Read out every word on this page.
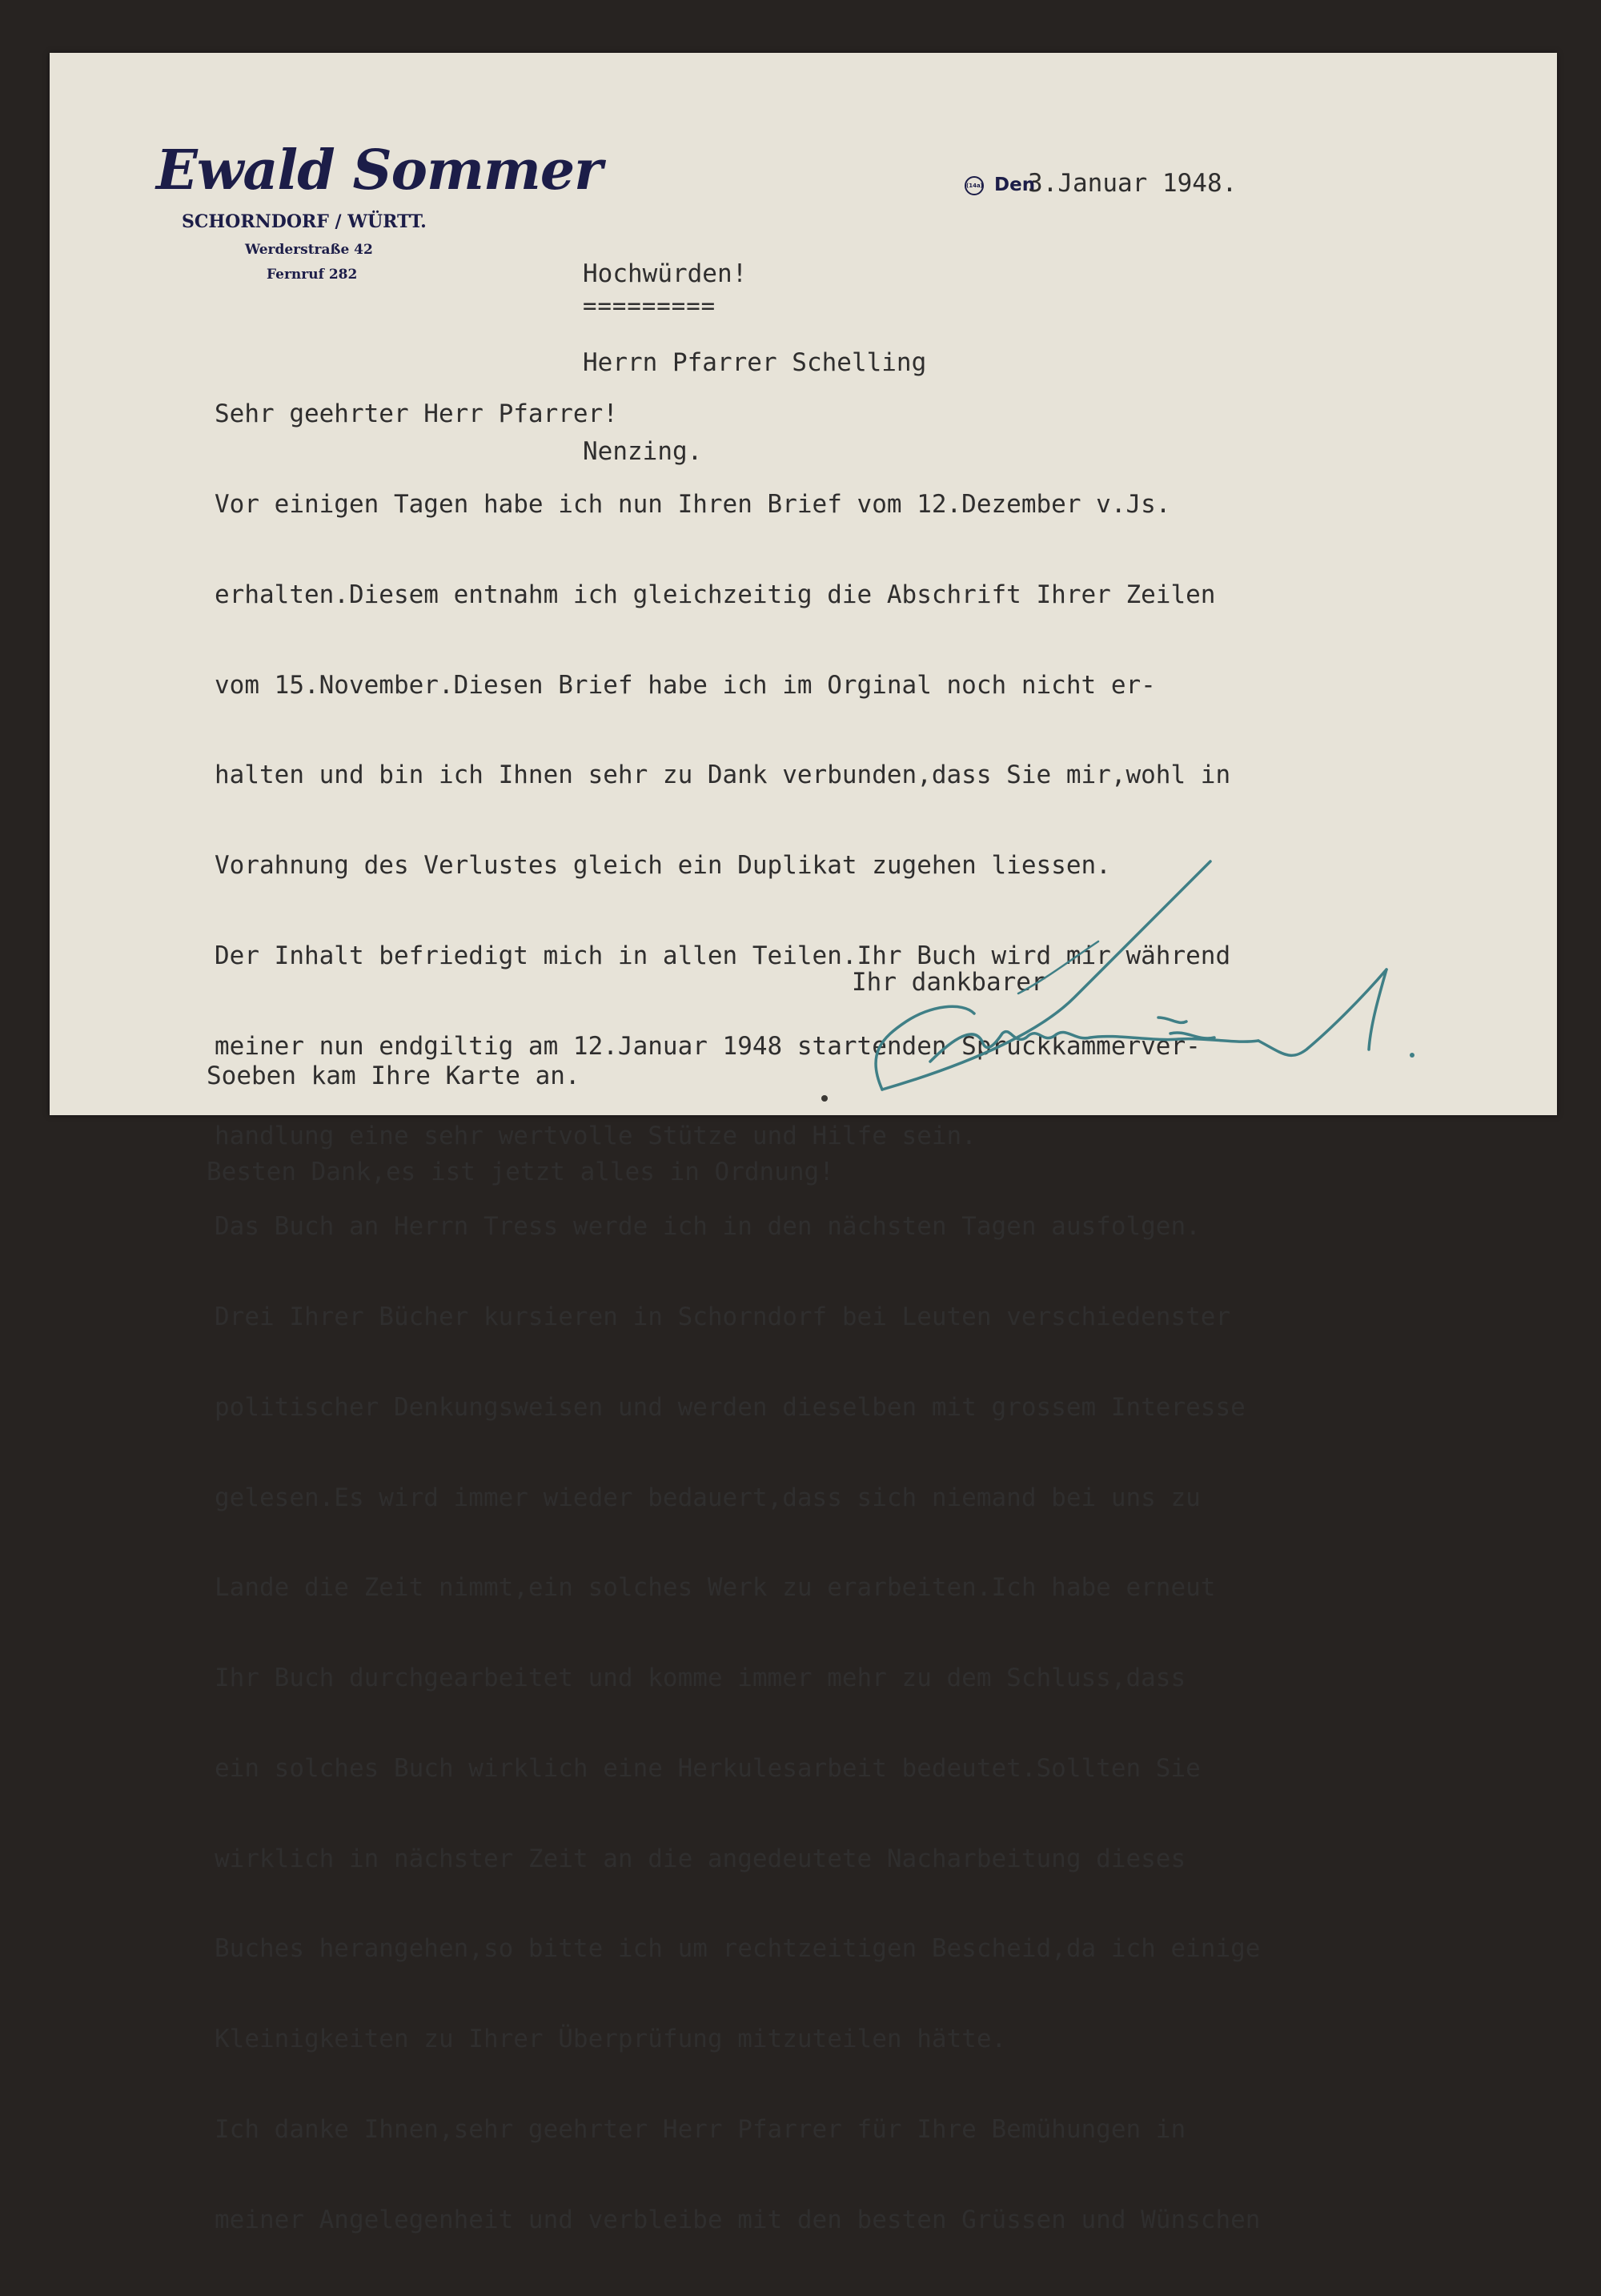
Ewald Sommer
SCHORNDORF / WÜRTT.
Werderstraße 42
Fernruf 282
(14a) Den
3.Januar 1948.

Hochwürden!

Herrn Pfarrer Schelling

Nenzing.

=========

Sehr geehrter Herr Pfarrer!

Vor einigen Tagen habe ich nun Ihren Brief vom 12.Dezember v.Js.

erhalten.Diesem entnahm ich gleichzeitig die Abschrift Ihrer Zeilen

vom 15.November.Diesen Brief habe ich im Orginal noch nicht er-

halten und bin ich Ihnen sehr zu Dank verbunden,dass Sie mir,wohl in

Vorahnung des Verlustes gleich ein Duplikat zugehen liessen.

Der Inhalt befriedigt mich in allen Teilen.Ihr Buch wird mir während

meiner nun endgiltig am 12.Januar 1948 startenden Spruckkammerver-

handlung eine sehr wertvolle Stütze und Hilfe sein.

Das Buch an Herrn Tress werde ich in den nächsten Tagen ausfolgen.

Drei Ihrer Bücher kursieren in Schorndorf bei Leuten verschiedenster

politischer Denkungsweisen und werden dieselben mit grossem Interesse

gelesen.Es wird immer wieder bedauert,dass sich niemand bei uns zu

Lande die Zeit nimmt,ein solches Werk zu erarbeiten.Ich habe erneut

Ihr Buch durchgearbeitet und komme immer mehr zu dem Schluss,dass

ein solches Buch wirklich eine Herkulesarbeit bedeutet.Sollten Sie

wirklich in nächster Zeit an die angedeutete Nacharbeitung dieses

Buches herangehen,so bitte ich um rechtzeitigen Bescheid,da ich einige

Kleinigkeiten zu Ihrer Überprüfung mitzuteilen hätte.

Ich danke Ihnen,sehr geehrter Herr Pfarrer für Ihre Bemühungen in

meiner Angelegenheit und verbleibe mit den besten Grüssen und Wünschen

Ihr dankbarer

Soeben kam Ihre Karte an.

Besten Dank,es ist jetzt alles in Ordnung!
